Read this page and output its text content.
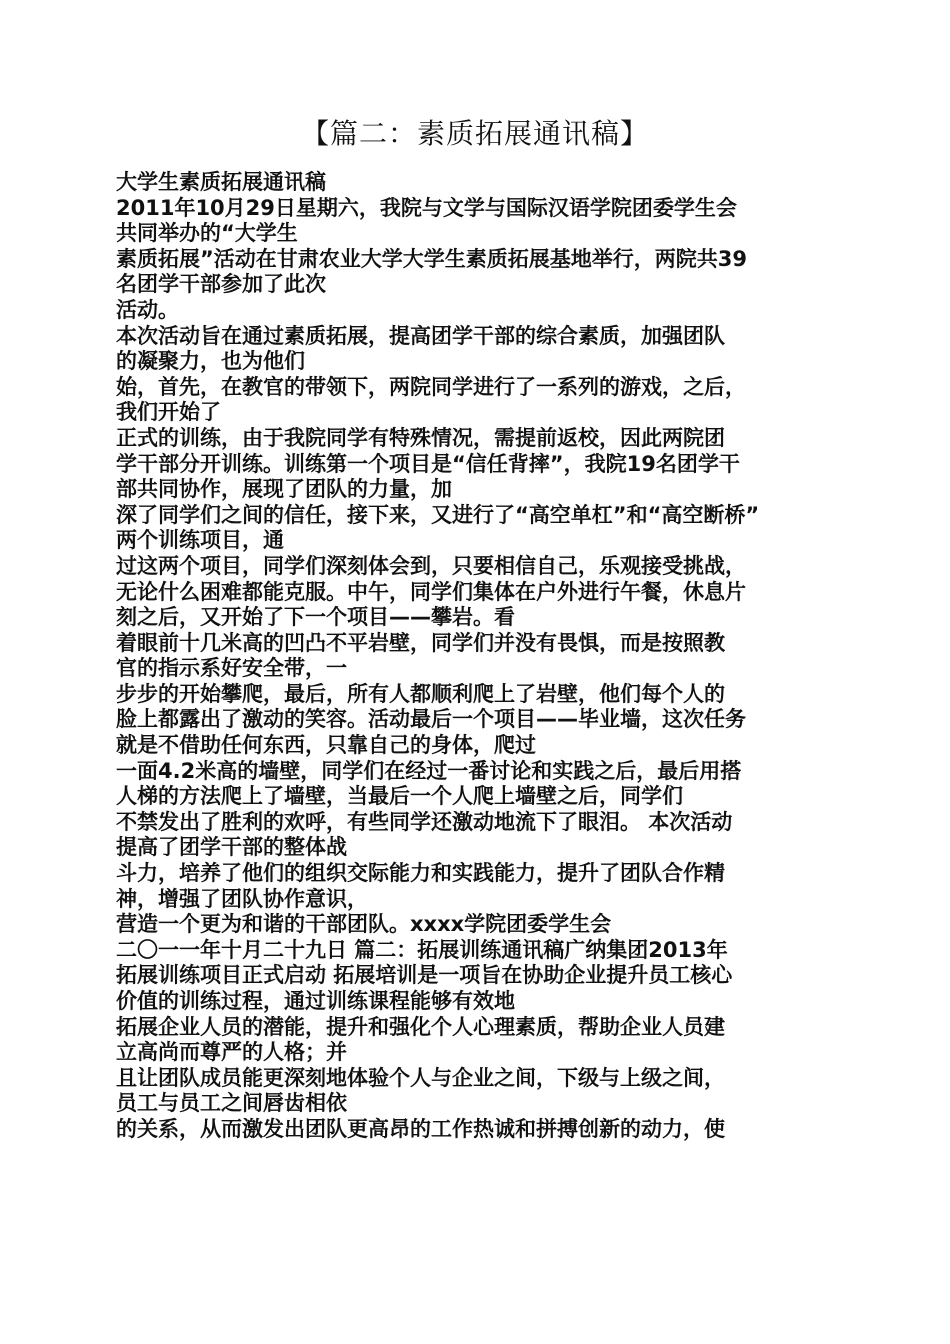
【篇二：素质拓展通讯稿】
大学生素质拓展通讯稿
2011年10月29日星期六，我院与文学与国际汉语学院团委学生会
共同举办的“大学生
素质拓展”活动在甘肃农业大学大学生素质拓展基地举行，两院共39
名团学干部参加了此次
活动。
本次活动旨在通过素质拓展，提高团学干部的综合素质，加强团队
的凝聚力，也为他们
始，首先，在教官的带领下，两院同学进行了一系列的游戏，之后，
我们开始了
正式的训练，由于我院同学有特殊情况，需提前返校，因此两院团
学干部分开训练。训练第一个项目是“信任背摔”，我院19名团学干
部共同协作，展现了团队的力量，加
深了同学们之间的信任，接下来，又进行了“高空单杠”和“高空断桥”
两个训练项目，通
过这两个项目，同学们深刻体会到，只要相信自己，乐观接受挑战，
无论什么困难都能克服。中午，同学们集体在户外进行午餐，休息片
刻之后，又开始了下一个项目——攀岩。看
着眼前十几米高的凹凸不平岩壁，同学们并没有畏惧，而是按照教
官的指示系好安全带，一
步步的开始攀爬，最后，所有人都顺利爬上了岩壁，他们每个人的
脸上都露出了激动的笑容。活动最后一个项目——毕业墙，这次任务
就是不借助任何东西，只靠自己的身体，爬过
一面4.2米高的墙壁，同学们在经过一番讨论和实践之后，最后用搭
人梯的方法爬上了墙壁，当最后一个人爬上墙壁之后，同学们
不禁发出了胜利的欢呼，有些同学还激动地流下了眼泪。 本次活动
提高了团学干部的整体战
斗力，培养了他们的组织交际能力和实践能力，提升了团队合作精
神，增强了团队协作意识，
营造一个更为和谐的干部团队。xxxx学院团委学生会
二〇一一年十月二十九日 篇二：拓展训练通讯稿广纳集团2013年
拓展训练项目正式启动 拓展培训是一项旨在协助企业提升员工核心
价值的训练过程，通过训练课程能够有效地
拓展企业人员的潜能，提升和强化个人心理素质，帮助企业人员建
立高尚而尊严的人格；并
且让团队成员能更深刻地体验个人与企业之间，下级与上级之间，
员工与员工之间唇齿相依
的关系，从而激发出团队更高昂的工作热诚和拼搏创新的动力，使
